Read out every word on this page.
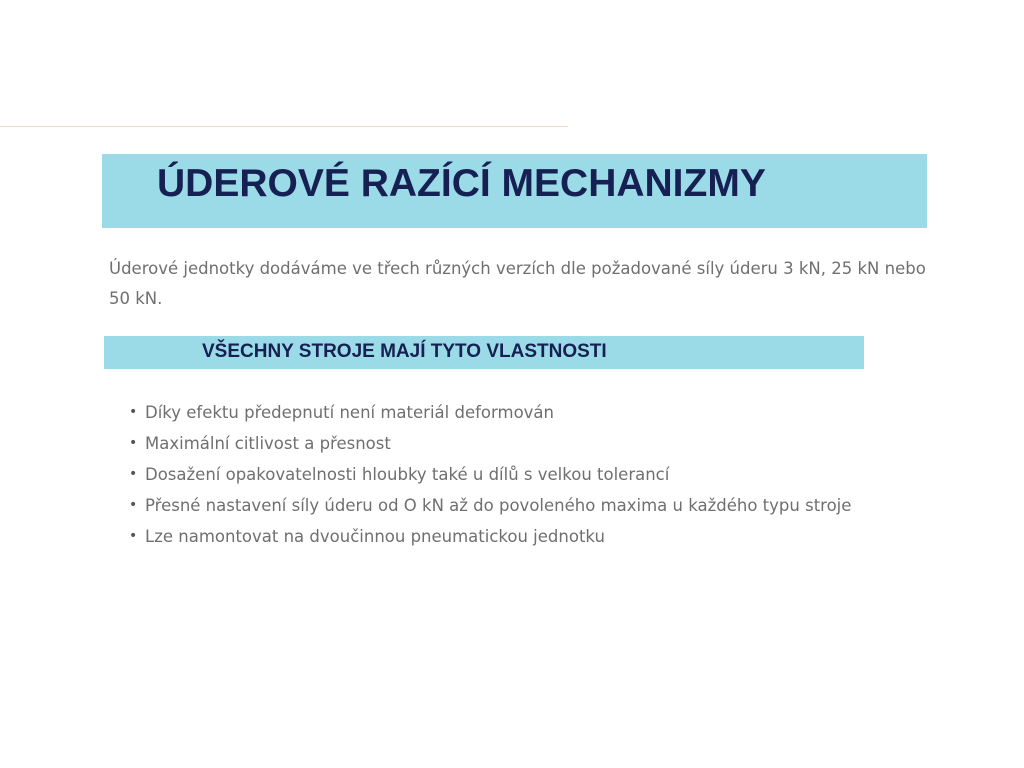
ÚDEROVÉ RAZÍCÍ MECHANIZMY

Úderové jednotky dodáváme ve třech různých verzích dle požadované síly úderu 3 kN, 25 kN nebo 50 kN.

VŠECHNY STROJE MAJÍ TYTO VLASTNOSTI
• Díky efektu předepnutí není materiál deformován
• Maximální citlivost a přesnost
• Dosažení opakovatelnosti hloubky také u dílů s velkou tolerancí
• Přesné nastavení síly úderu od O kN až do povoleného maxima u každého typu stroje
• Lze namontovat na dvoučinnou pneumatickou jednotku
